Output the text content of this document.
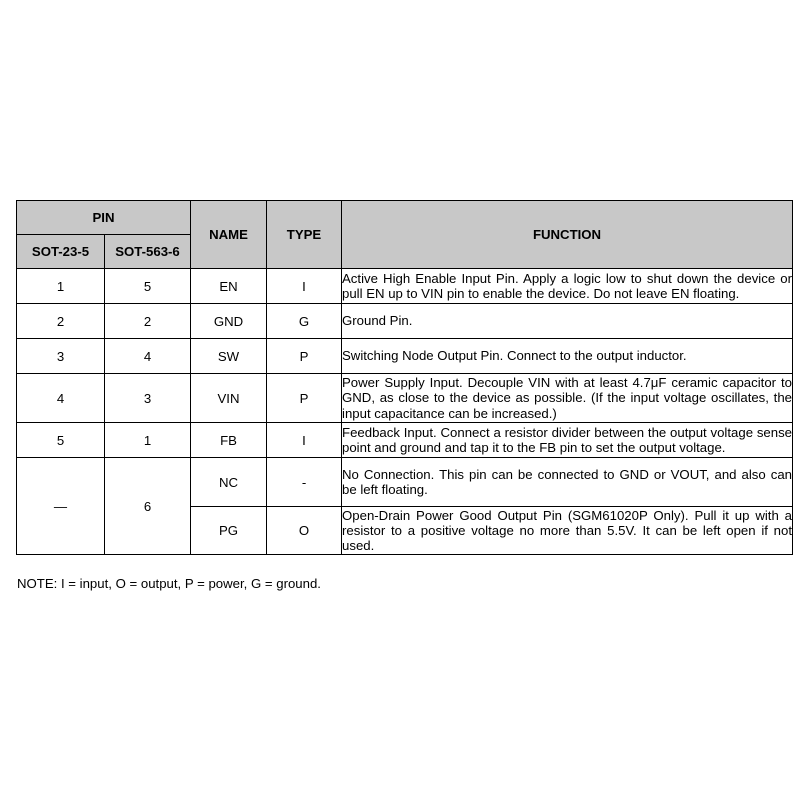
PIN		NAME	TYPE	FUNCTION
SOT-23-5	SOT-563-6			
1	5	EN	I	Active High Enable Input Pin. Apply a logic low to shut down the device or pull EN up to VIN pin to enable the device. Do not leave EN floating.
2	2	GND	G	Ground Pin.
3	4	SW	P	Switching Node Output Pin. Connect to the output inductor.
4	3	VIN	P	Power Supply Input. Decouple VIN with at least 4.7μF ceramic capacitor to GND, as close to the device as possible. (If the input voltage oscillates, the input capacitance can be increased.)
5	1	FB	I	Feedback Input. Connect a resistor divider between the output voltage sense point and ground and tap it to the FB pin to set the output voltage.
—	6	NC	-	No Connection. This pin can be connected to GND or VOUT, and also can be left floating.
		PG	O	Open-Drain Power Good Output Pin (SGM61020P Only). Pull it up with a resistor to a positive voltage no more than 5.5V. It can be left open if not used.
NOTE: I = input, O = output, P = power, G = ground.
